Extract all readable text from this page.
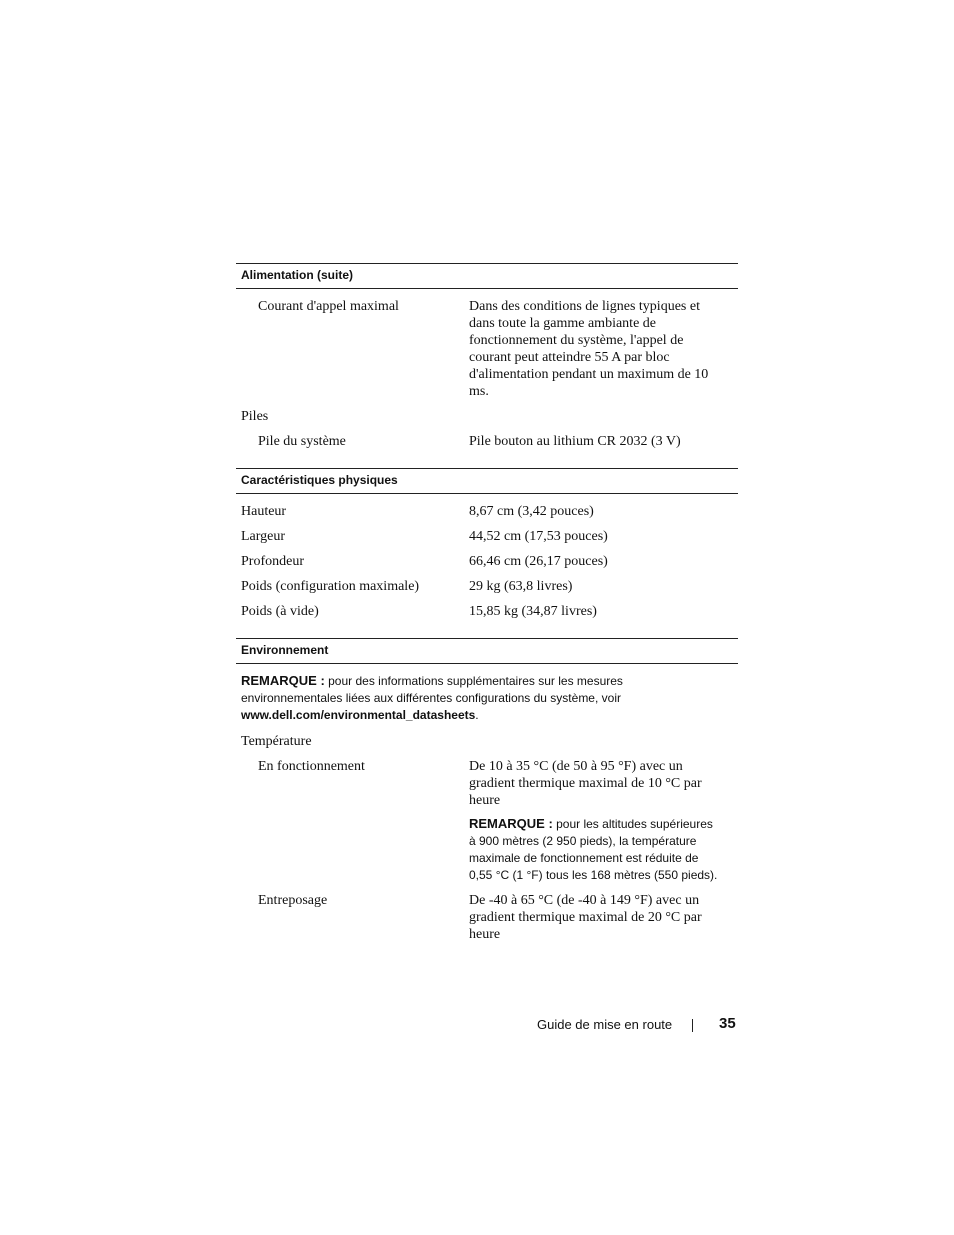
Alimentation (suite)
Courant d'appel maximal	Dans des conditions de lignes typiques et dans toute la gamme ambiante de fonctionnement du système, l'appel de courant peut atteindre 55 A par bloc d'alimentation pendant un maximum de 10 ms.
Piles
Pile du système	Pile bouton au lithium CR 2032 (3 V)
Caractéristiques physiques
Hauteur	8,67 cm (3,42 pouces)
Largeur	44,52 cm (17,53 pouces)
Profondeur	66,46 cm (26,17 pouces)
Poids (configuration maximale)	29 kg (63,8 livres)
Poids (à vide)	15,85 kg (34,87 livres)
Environnement
REMARQUE : pour des informations supplémentaires sur les mesures environnementales liées aux différentes configurations du système, voir www.dell.com/environmental_datasheets.
Température
En fonctionnement	De 10 à 35 °C (de 50 à 95 °F) avec un gradient thermique maximal de 10 °C par heure
REMARQUE : pour les altitudes supérieures à 900 mètres (2 950 pieds), la température maximale de fonctionnement est réduite de 0,55 °C (1 °F) tous les 168 mètres (550 pieds).
Entreposage	De -40 à 65 °C (de -40 à 149 °F) avec un gradient thermique maximal de 20 °C par heure
Guide de mise en route	35
